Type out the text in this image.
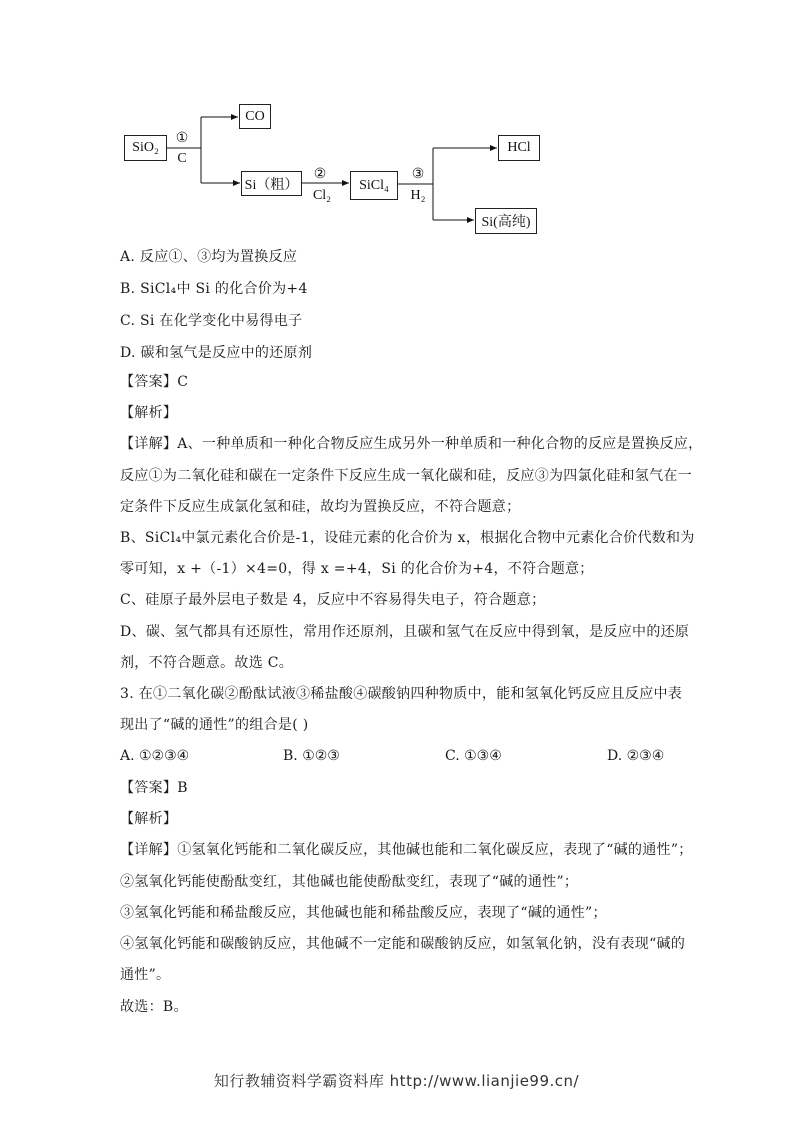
SiO₂
①
C
CO
Si（粗）
②
Cl₂
SiCl₄
③
H₂
HCl
Si(高纯)
A. 反应①、③均为置换反应
B. SiCl₄中 Si 的化合价为+4
C. Si 在化学变化中易得电子
D. 碳和氢气是反应中的还原剂
【答案】C
【解析】
【详解】A、一种单质和一种化合物反应生成另外一种单质和一种化合物的反应是置换反应，
反应①为二氧化硅和碳在一定条件下反应生成一氧化碳和硅，反应③为四氯化硅和氢气在一
定条件下反应生成氯化氢和硅，故均为置换反应，不符合题意；
B、SiCl₄中氯元素化合价是-1，设硅元素的化合价为 x，根据化合物中元素化合价代数和为
零可知，x +（-1）×4=0，得 x =+4，Si 的化合价为+4，不符合题意；
C、硅原子最外层电子数是 4，反应中不容易得失电子，符合题意；
D、碳、氢气都具有还原性，常用作还原剂，且碳和氢气在反应中得到氧，是反应中的还原
剂，不符合题意。故选 C。
3. 在①二氧化碳②酚酞试液③稀盐酸④碳酸钠四种物质中，能和氢氧化钙反应且反应中表
现出了“碱的通性”的组合是( )
A. ①②③④	B. ①②③	C. ①③④	D. ②③④
【答案】B
【解析】
【详解】①氢氧化钙能和二氧化碳反应，其他碱也能和二氧化碳反应，表现了“碱的通性”；
②氢氧化钙能使酚酞变红，其他碱也能使酚酞变红，表现了“碱的通性”；
③氢氧化钙能和稀盐酸反应，其他碱也能和稀盐酸反应，表现了“碱的通性”；
④氢氧化钙能和碳酸钠反应，其他碱不一定能和碳酸钠反应，如氢氧化钠，没有表现“碱的
通性”。
故选：B。
知行教辅资料学霸资料库 http://www.lianjie99.cn/
